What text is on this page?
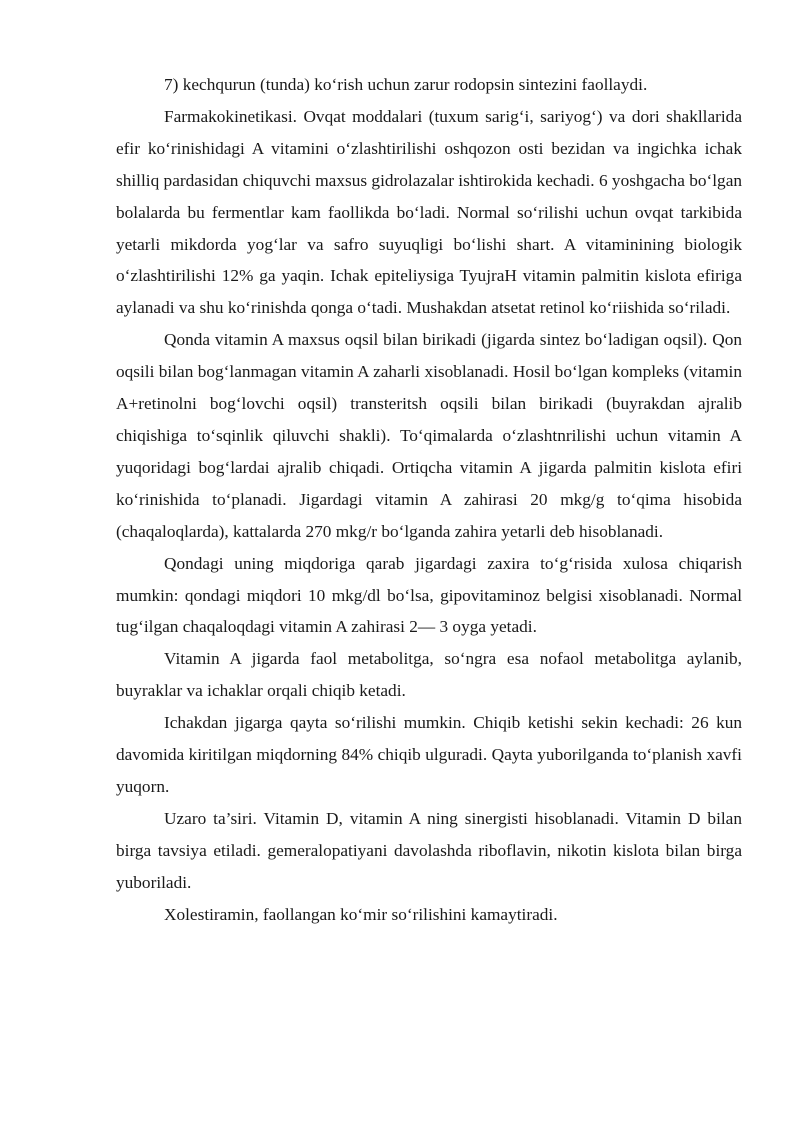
7) kechqurun (tunda) ko‘rish uchun zarur rodopsin sintezini faollaydi.

Farmakokinetikasi. Ovqat moddalari (tuxum sarig‘i, sariyog‘) va dori shakllarida efir ko‘rinishidagi A vitamini o‘zlashtirilishi oshqozon osti bezidan va ingichka ichak shilliq pardasidan chiquvchi maxsus gidrolazalar ishtirokida kechadi. 6 yoshgacha bo‘lgan bolalarda bu fermentlar kam faollikda bo‘ladi. Normal so‘rilishi uchun ovqat tarkibida yetarli mikdorda yog‘lar va safro suyuqligi bo‘lishi shart. A vitaminining biologik o‘zlashtirilishi 12% ga yaqin. Ichak epiteliysiga TyujraH vitamin palmitin kislota efiriga aylanadi va shu ko‘rinishda qonga o‘tadi. Mushakdan atsetat retinol ko‘riishida so‘riladi.

Qonda vitamin A maxsus oqsil bilan birikadi (jigarda sintez bo‘ladigan oqsil). Qon oqsili bilan bog‘lanmagan vitamin A zaharli xisoblanadi. Hosil bo‘lgan kompleks (vitamin A+retinolni bog‘lovchi oqsil) transteritsh oqsili bilan birikadi (buyrakdan ajralib chiqishiga to‘sqinlik qiluvchi shakli). To‘qimalarda o‘zlashtnrilishi uchun vitamin A yuqoridagi bog‘lardai ajralib chiqadi. Ortiqcha vitamin A jigarda palmitin kislota efiri ko‘rinishida to‘planadi. Jigardagi vitamin A zahirasi 20 mkg/g to‘qima hisobida (chaqaloqlarda), kattalarda 270 mkg/r bo‘lganda zahira yetarli deb hisoblanadi.

Qondagi uning miqdoriga qarab jigardagi zaxira to‘g‘risida xulosa chiqarish mumkin: qondagi miqdori 10 mkg/dl bo‘lsa, gipovitaminoz belgisi xisoblanadi. Normal tug‘ilgan chaqaloqdagi vitamin A zahirasi 2— 3 oyga yetadi.

Vitamin A jigarda faol metabolitga, so‘ngra esa nofaol metabolitga aylanib, buyraklar va ichaklar orqali chiqib ketadi.

Ichakdan jigarga qayta so‘rilishi mumkin. Chiqib ketishi sekin kechadi: 26 kun davomida kiritilgan miqdorning 84% chiqib ulguradi. Qayta yuborilganda to‘planish xavfi yuqorn.

Uzaro ta’siri. Vitamin D, vitamin A ning sinergisti hisoblanadi. Vitamin D bilan birga tavsiya etiladi. gemeralopatiyani davolashda riboflavin, nikotin kislota bilan birga yuboriladi.

Xolestiramin, faollangan ko‘mir so‘rilishini kamaytiradi.
